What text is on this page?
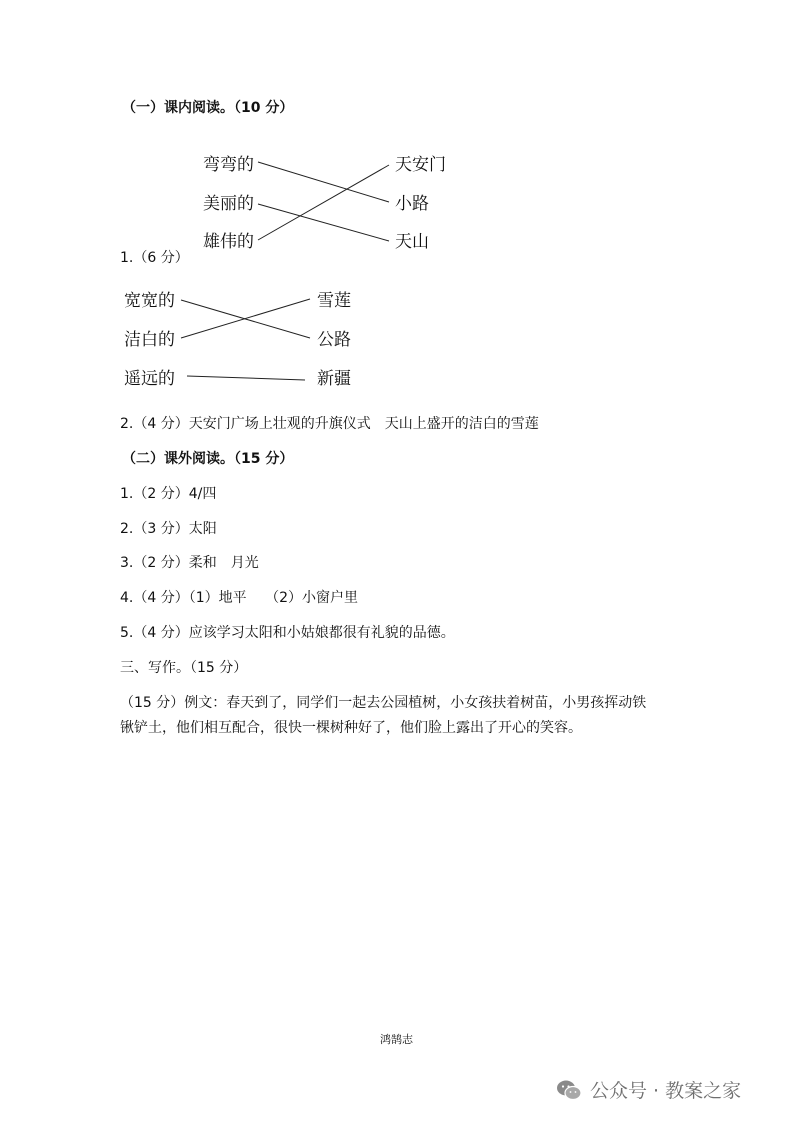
（一）课内阅读。（10 分）
弯弯的
美丽的
雄伟的
天安门
小路
天山
1.（6 分）
宽宽的
洁白的
遥远的
雪莲
公路
新疆
2.（4 分）天安门广场上壮观的升旗仪式　天山上盛开的洁白的雪莲
（二）课外阅读。（15 分）
1.（2 分）4/四
2.（3 分）太阳
3.（2 分）柔和　月光
4.（4 分）（1）地平　 （2）小窗户里
5.（4 分）应该学习太阳和小姑娘都很有礼貌的品德。
三、写作。（15 分）
（15 分）例文：春天到了，同学们一起去公园植树，小女孩扶着树苗，小男孩挥动铁
锹铲土，他们相互配合，很快一棵树种好了，他们脸上露出了开心的笑容。
鸿鹄志
公众号 · 教案之家
